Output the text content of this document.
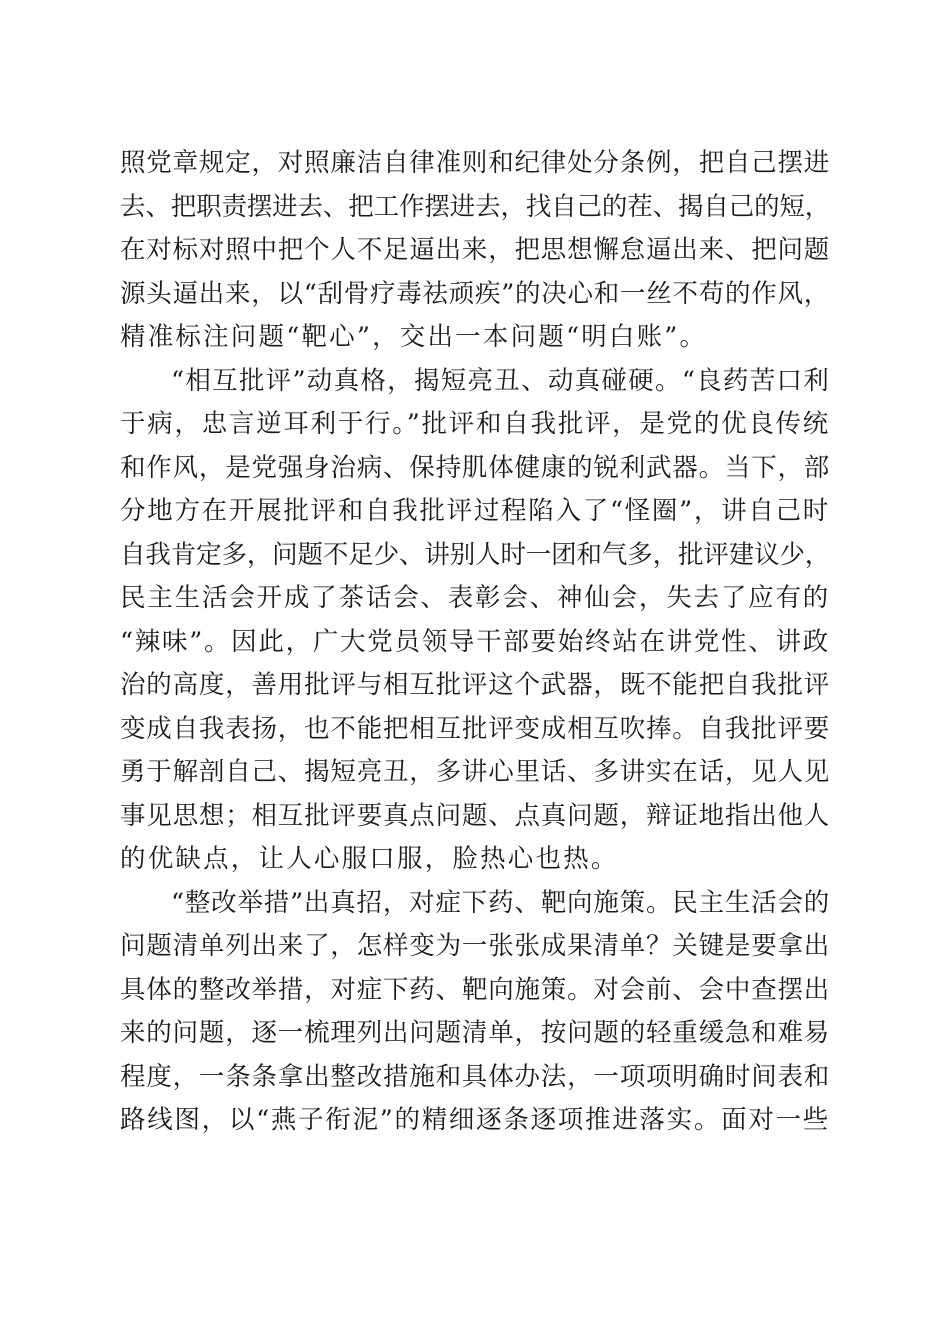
照党章规定，对照廉洁自律准则和纪律处分条例，把自己摆进
去、把职责摆进去、把工作摆进去，找自己的茬、揭自己的短，
在对标对照中把个人不足逼出来，把思想懈怠逼出来、把问题
源头逼出来，以“刮骨疗毒祛顽疾”的决心和一丝不苟的作风，
精准标注问题“靶心”，交出一本问题“明白账”。
“相互批评”动真格，揭短亮丑、动真碰硬。“良药苦口利
于病，忠言逆耳利于行。”批评和自我批评，是党的优良传统
和作风，是党强身治病、保持肌体健康的锐利武器。当下，部
分地方在开展批评和自我批评过程陷入了“怪圈”，讲自己时
自我肯定多，问题不足少、讲别人时一团和气多，批评建议少，
民主生活会开成了茶话会、表彰会、神仙会，失去了应有的
“辣味”。因此，广大党员领导干部要始终站在讲党性、讲政
治的高度，善用批评与相互批评这个武器，既不能把自我批评
变成自我表扬，也不能把相互批评变成相互吹捧。自我批评要
勇于解剖自己、揭短亮丑，多讲心里话、多讲实在话，见人见
事见思想；相互批评要真点问题、点真问题，辩证地指出他人
的优缺点，让人心服口服，脸热心也热。
“整改举措”出真招，对症下药、靶向施策。民主生活会的
问题清单列出来了，怎样变为一张张成果清单？关键是要拿出
具体的整改举措，对症下药、靶向施策。对会前、会中查摆出
来的问题，逐一梳理列出问题清单，按问题的轻重缓急和难易
程度，一条条拿出整改措施和具体办法，一项项明确时间表和
路线图，以“燕子衔泥”的精细逐条逐项推进落实。面对一些
